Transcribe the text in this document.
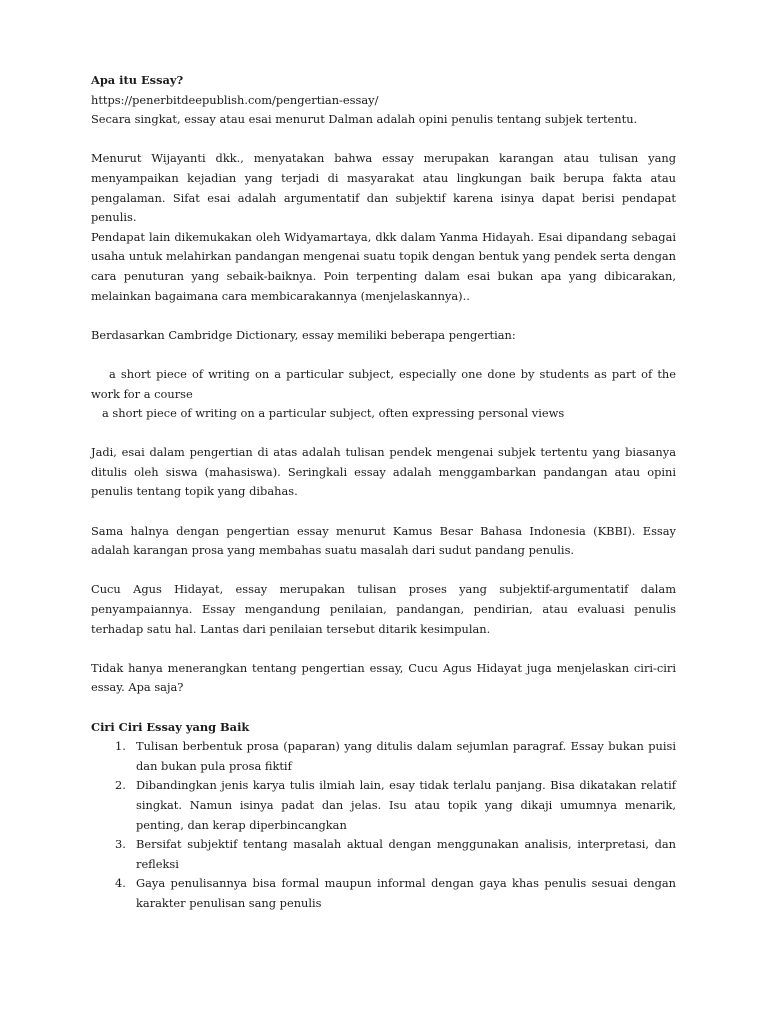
Apa itu Essay?

https://penerbitdeepublish.com/pengertian-essay/

Secara singkat, essay atau esai menurut Dalman adalah opini penulis tentang subjek tertentu.

Menurut Wijayanti dkk., menyatakan bahwa essay merupakan karangan atau tulisan yang menyampaikan kejadian yang terjadi di masyarakat atau lingkungan baik berupa fakta atau pengalaman. Sifat esai adalah argumentatif dan subjektif karena isinya dapat berisi pendapat penulis.

Pendapat lain dikemukakan oleh Widyamartaya, dkk dalam Yanma Hidayah. Esai dipandang sebagai usaha untuk melahirkan pandangan mengenai suatu topik dengan bentuk yang pendek serta dengan cara penuturan yang sebaik-baiknya. Poin terpenting dalam esai bukan apa yang dibicarakan, melainkan bagaimana cara membicarakannya (menjelaskannya)..

Berdasarkan Cambridge Dictionary, essay memiliki beberapa pengertian:

a short piece of writing on a particular subject, especially one done by students as part of the work for a course

a short piece of writing on a particular subject, often expressing personal views

Jadi, esai dalam pengertian di atas adalah tulisan pendek mengenai subjek tertentu yang biasanya ditulis oleh siswa (mahasiswa). Seringkali essay adalah menggambarkan pandangan atau opini penulis tentang topik yang dibahas.

Sama halnya dengan pengertian essay menurut Kamus Besar Bahasa Indonesia (KBBI). Essay adalah karangan prosa yang membahas suatu masalah dari sudut pandang penulis.

Cucu Agus Hidayat, essay merupakan tulisan proses yang subjektif-argumentatif dalam penyampaiannya. Essay mengandung penilaian, pandangan, pendirian, atau evaluasi penulis terhadap satu hal. Lantas dari penilaian tersebut ditarik kesimpulan.

Tidak hanya menerangkan tentang pengertian essay, Cucu Agus Hidayat juga menjelaskan ciri-ciri essay. Apa saja?

Ciri Ciri Essay yang Baik

1. Tulisan berbentuk prosa (paparan) yang ditulis dalam sejumlan paragraf. Essay bukan puisi dan bukan pula prosa fiktif
2. Dibandingkan jenis karya tulis ilmiah lain, esay tidak terlalu panjang. Bisa dikatakan relatif singkat. Namun isinya padat dan jelas. Isu atau topik yang dikaji umumnya menarik, penting, dan kerap diperbincangkan
3. Bersifat subjektif tentang masalah aktual dengan menggunakan analisis, interpretasi, dan refleksi
4. Gaya penulisannya bisa formal maupun informal dengan gaya khas penulis sesuai dengan karakter penulisan sang penulis
